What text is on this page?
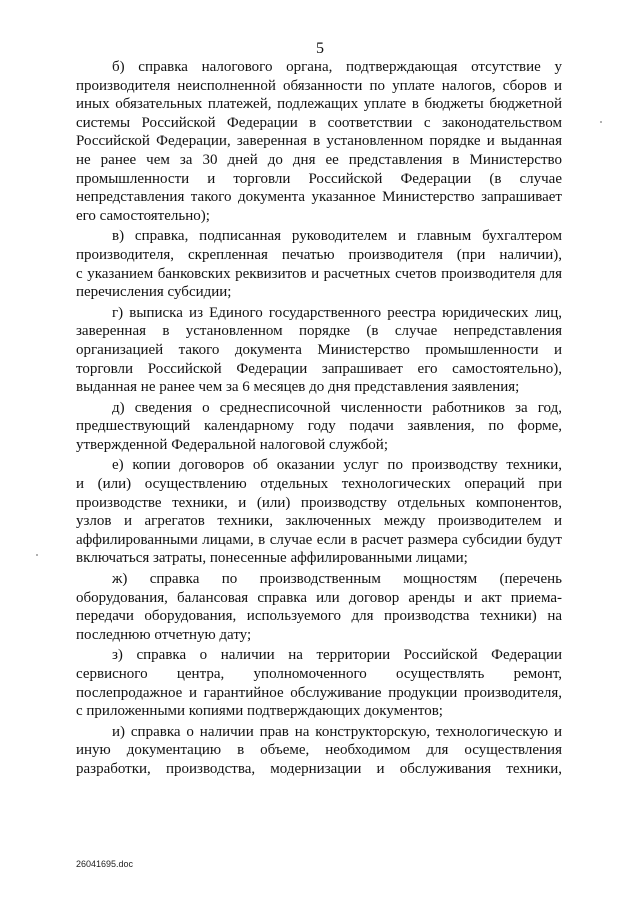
5
б) справка налогового органа, подтверждающая отсутствие у
производителя неисполненной обязанности по уплате налогов, сборов и
иных обязательных платежей, подлежащих уплате в бюджеты бюджетной
системы Российской Федерации в соответствии с законодательством
Российской Федерации, заверенная в установленном порядке и выданная
не ранее чем за 30 дней до дня ее представления в Министерство
промышленности и торговли Российской Федерации (в случае
непредставления такого документа указанное Министерство запрашивает
его самостоятельно);
в) справка, подписанная руководителем и главным бухгалтером
производителя, скрепленная печатью производителя (при наличии),
с указанием банковских реквизитов и расчетных счетов производителя для
перечисления субсидии;
г) выписка из Единого государственного реестра юридических лиц,
заверенная в установленном порядке (в случае непредставления
организацией такого документа Министерство промышленности и
торговли Российской Федерации запрашивает его самостоятельно),
выданная не ранее чем за 6 месяцев до дня представления заявления;
д) сведения о среднесписочной численности работников за год,
предшествующий календарному году подачи заявления, по форме,
утвержденной Федеральной налоговой службой;
е) копии договоров об оказании услуг по производству техники,
и (или) осуществлению отдельных технологических операций при
производстве техники, и (или) производству отдельных компонентов,
узлов и агрегатов техники, заключенных между производителем и
аффилированными лицами, в случае если в расчет размера субсидии будут
включаться затраты, понесенные аффилированными лицами;
ж) справка по производственным мощностям (перечень
оборудования, балансовая справка или договор аренды и акт приема-
передачи оборудования, используемого для производства техники) на
последнюю отчетную дату;
з) справка о наличии на территории Российской Федерации
сервисного центра, уполномоченного осуществлять ремонт,
послепродажное и гарантийное обслуживание продукции производителя,
с приложенными копиями подтверждающих документов;
и) справка о наличии прав на конструкторскую, технологическую и
иную документацию в объеме, необходимом для осуществления
разработки, производства, модернизации и обслуживания техники,
26041695.doc
